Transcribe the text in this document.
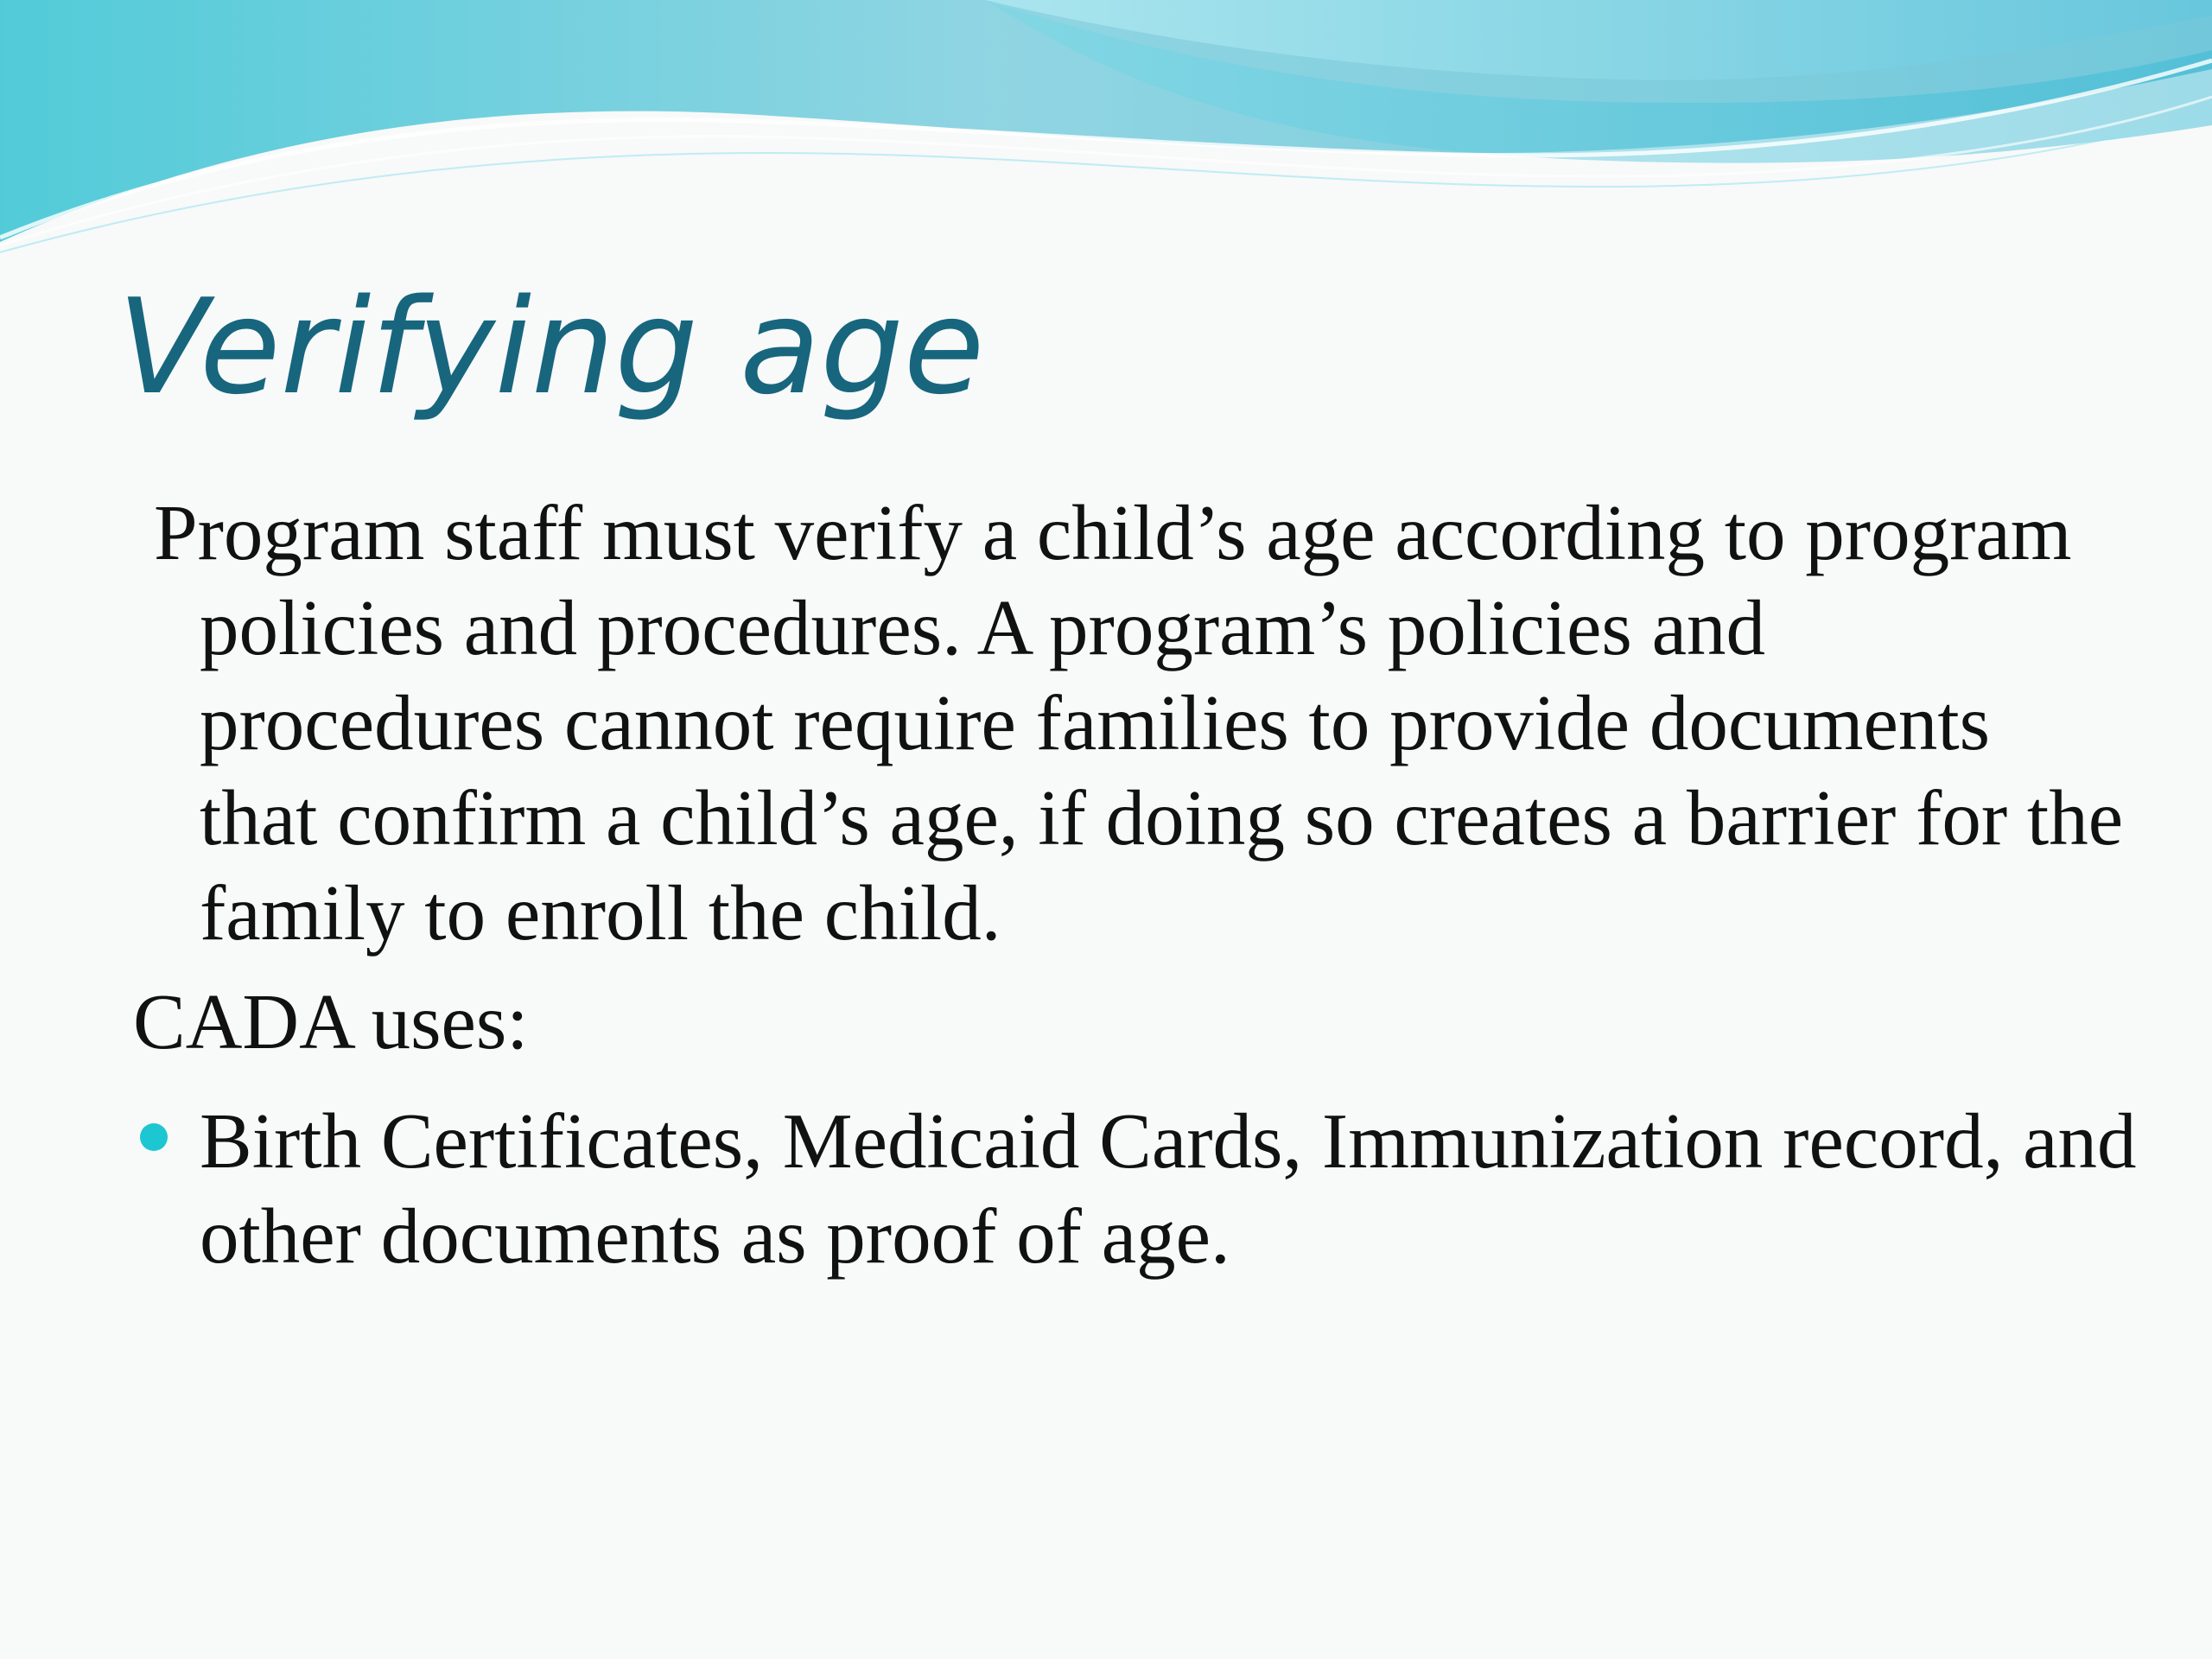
Verifying age

Program staff must verify a child’s age according to program policies and procedures. A program’s policies and procedures cannot require families to provide documents that confirm a child’s age, if doing so creates a barrier for the family to enroll the child.

CADA uses:

Birth Certificates, Medicaid Cards, Immunization record, and other documents as proof of age.
